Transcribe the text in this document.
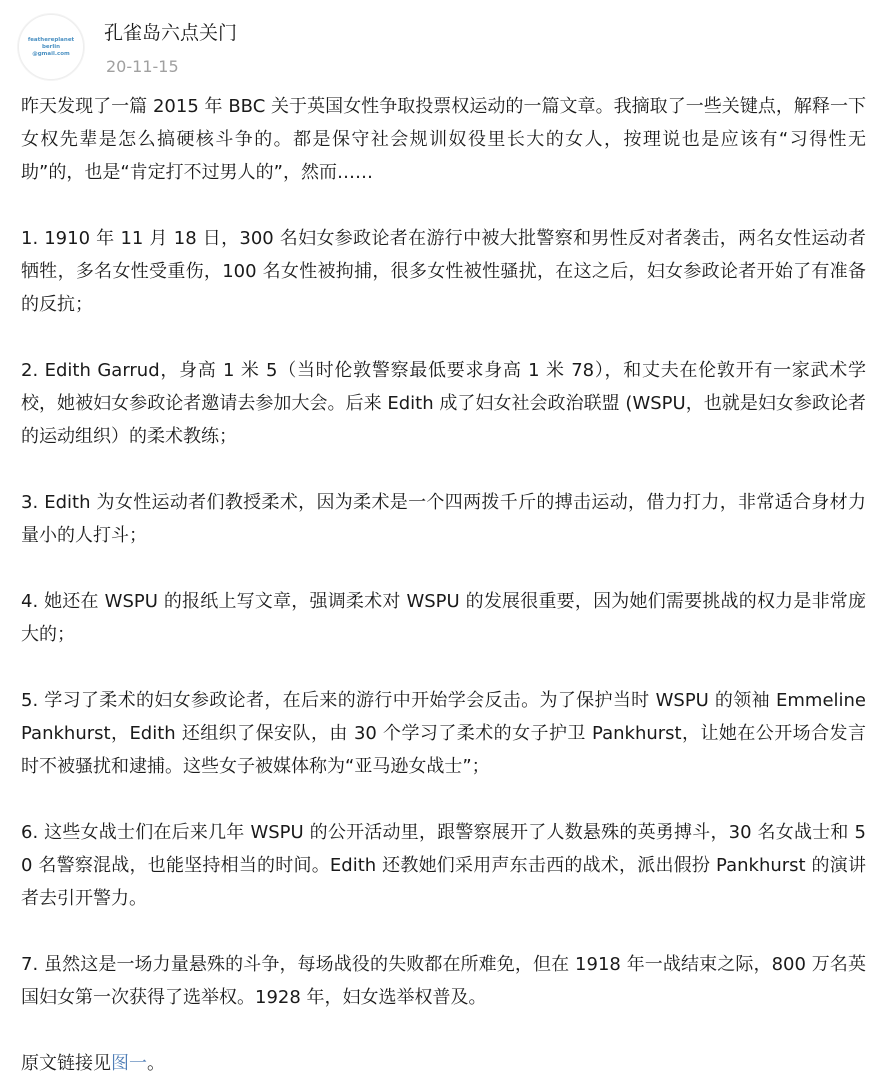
feathereplanet
berlin
@gmail.com
孔雀岛六点关门
20-11-15

昨天发现了一篇 2015 年 BBC 关于英国女性争取投票权运动的一篇文章。我摘取了一些关键点，解释一下女权先辈是怎么搞硬核斗争的。都是保守社会规训奴役里长大的女人，按理说也是应该有“习得性无助”的，也是“肯定打不过男人的”，然而……

1. 1910 年 11 月 18 日，300 名妇女参政论者在游行中被大批警察和男性反对者袭击，两名女性运动者牺牲，多名女性受重伤，100 名女性被拘捕，很多女性被性骚扰，在这之后，妇女参政论者开始了有准备的反抗；

2. Edith Garrud，身高 1 米 5（当时伦敦警察最低要求身高 1 米 78），和丈夫在伦敦开有一家武术学校，她被妇女参政论者邀请去参加大会。后来 Edith 成了妇女社会政治联盟 (WSPU，也就是妇女参政论者的运动组织）的柔术教练；

3. Edith 为女性运动者们教授柔术，因为柔术是一个四两拨千斤的搏击运动，借力打力，非常适合身材力量小的人打斗；

4. 她还在 WSPU 的报纸上写文章，强调柔术对 WSPU 的发展很重要，因为她们需要挑战的权力是非常庞大的；

5. 学习了柔术的妇女参政论者，在后来的游行中开始学会反击。为了保护当时 WSPU 的领袖 Emmeline Pankhurst，Edith 还组织了保安队，由 30 个学习了柔术的女子护卫 Pankhurst，让她在公开场合发言时不被骚扰和逮捕。这些女子被媒体称为“亚马逊女战士”；

6. 这些女战士们在后来几年 WSPU 的公开活动里，跟警察展开了人数悬殊的英勇搏斗，30 名女战士和 50 名警察混战，也能坚持相当的时间。Edith 还教她们采用声东击西的战术，派出假扮 Pankhurst 的演讲者去引开警力。

7. 虽然这是一场力量悬殊的斗争，每场战役的失败都在所难免，但在 1918 年一战结束之际，800 万名英国妇女第一次获得了选举权。1928 年，妇女选举权普及。

原文链接见图一。
